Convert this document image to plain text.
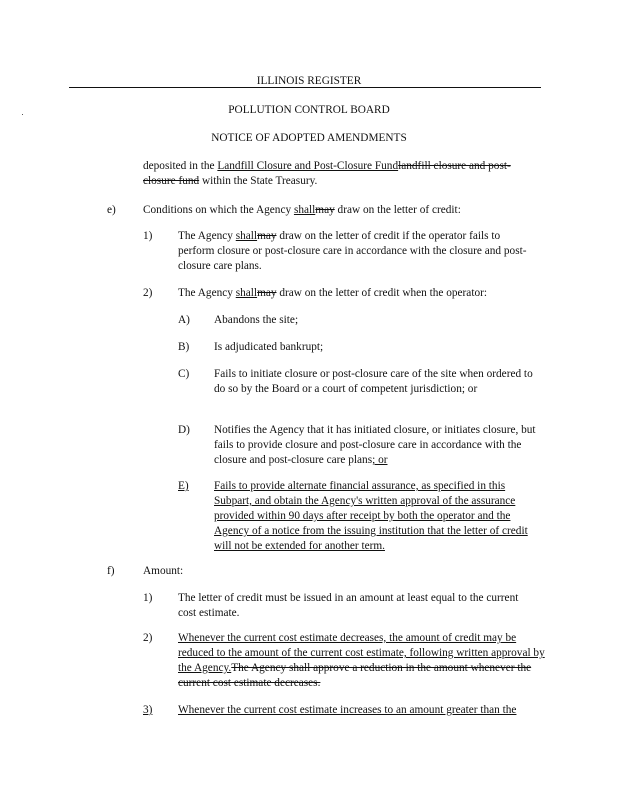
ILLINOIS REGISTER
POLLUTION CONTROL BOARD
NOTICE OF ADOPTED AMENDMENTS
deposited in the Landfill Closure and Post-Closure Fundlandfill closure and post-closure fund within the State Treasury.
e) Conditions on which the Agency shallmay draw on the letter of credit:
1) The Agency shallmay draw on the letter of credit if the operator fails to perform closure or post-closure care in accordance with the closure and post-closure care plans.
2) The Agency shallmay draw on the letter of credit when the operator:
A) Abandons the site;
B) Is adjudicated bankrupt;
C) Fails to initiate closure or post-closure care of the site when ordered to do so by the Board or a court of competent jurisdiction; or
D) Notifies the Agency that it has initiated closure, or initiates closure, but fails to provide closure and post-closure care in accordance with the closure and post-closure care plans; or
E) Fails to provide alternate financial assurance, as specified in this Subpart, and obtain the Agency's written approval of the assurance provided within 90 days after receipt by both the operator and the Agency of a notice from the issuing institution that the letter of credit will not be extended for another term.
f)	Amount:
1) The letter of credit must be issued in an amount at least equal to the current cost estimate.
2) Whenever the current cost estimate decreases, the amount of credit may be reduced to the amount of the current cost estimate, following written approval by the Agency.The Agency shall approve a reduction in the amount whenever the current cost estimate decreases.
3) Whenever the current cost estimate increases to an amount greater than the
